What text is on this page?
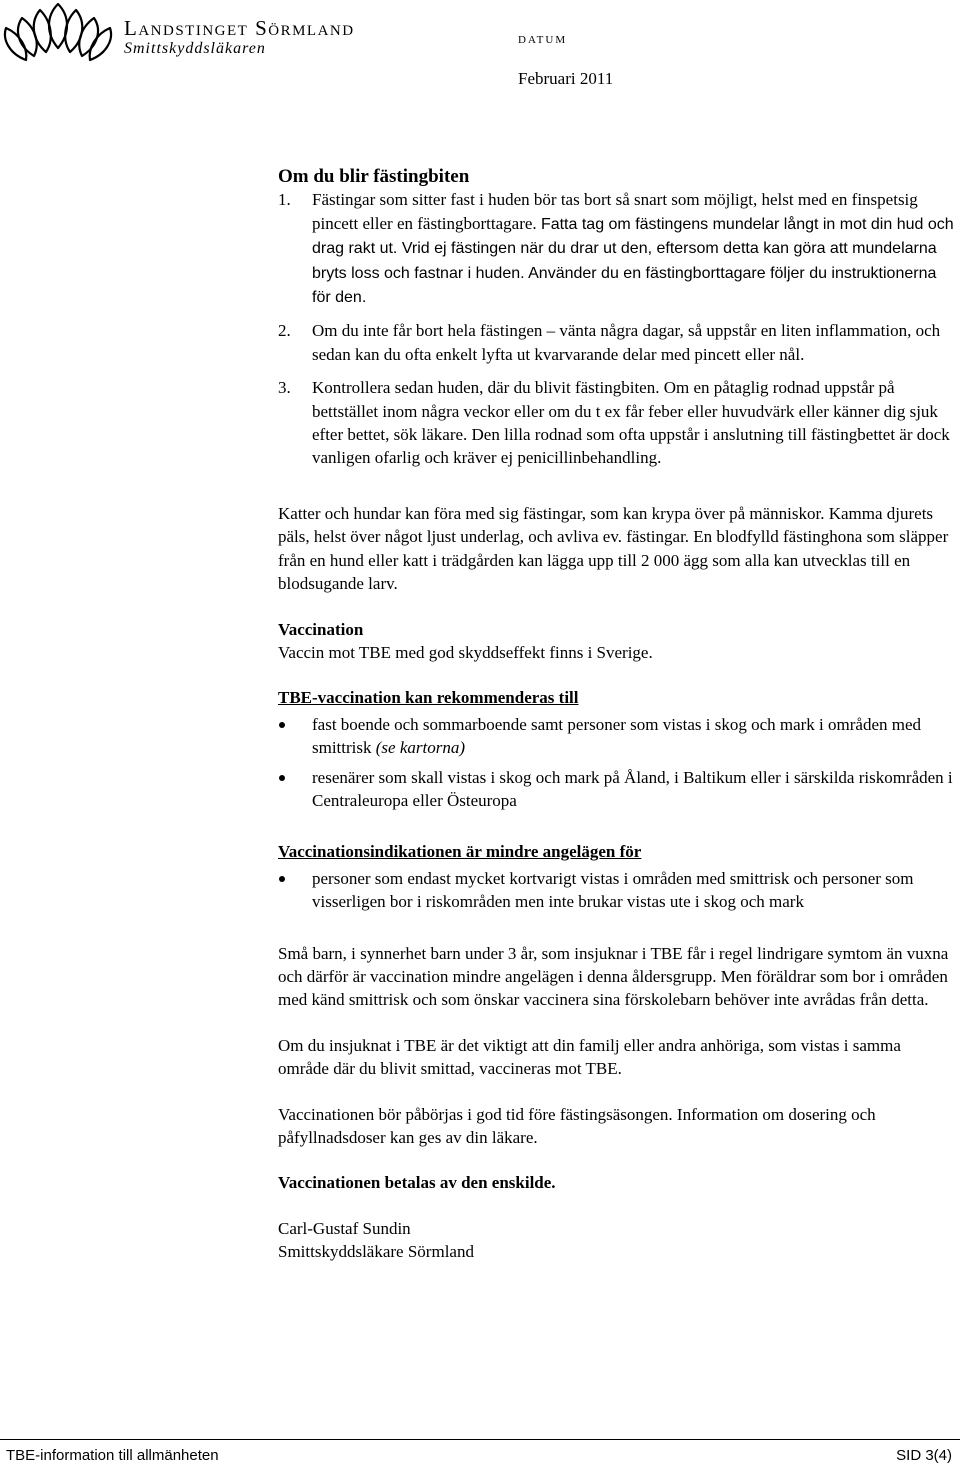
Landstinget Sörmland
Smittskyddsläkaren	DATUM
Februari 2011

Om du blir fästingbiten

1. Fästingar som sitter fast i huden bör tas bort så snart som möjligt, helst med en finspetsig pincett eller en fästingborttagare. Fatta tag om fästingens mundelar långt in mot din hud och drag rakt ut. Vrid ej fästingen när du drar ut den, eftersom detta kan göra att mundelarna bryts loss och fastnar i huden. Använder du en fästingborttagare följer du instruktionerna för den.
2. Om du inte får bort hela fästingen – vänta några dagar, så uppstår en liten inflammation, och sedan kan du ofta enkelt lyfta ut kvarvarande delar med pincett eller nål.
3. Kontrollera sedan huden, där du blivit fästingbiten. Om en påtaglig rodnad uppstår på bettstället inom några veckor eller om du t ex får feber eller huvudvärk eller känner dig sjuk efter bettet, sök läkare. Den lilla rodnad som ofta uppstår i anslutning till fästingbettet är dock vanligen ofarlig och kräver ej penicillinbehandling.

Katter och hundar kan föra med sig fästingar, som kan krypa över på människor. Kamma djurets päls, helst över något ljust underlag, och avliva ev. fästingar. En blodfylld fästinghona som släpper från en hund eller katt i trädgården kan lägga upp till 2 000 ägg som alla kan utvecklas till en blodsugande larv.

Vaccination

Vaccin mot TBE med god skyddseffekt finns i Sverige.

TBE-vaccination kan rekommenderas till

fast boende och sommarboende samt personer som vistas i skog och mark i områden med smittrisk (se kartorna)
resenärer som skall vistas i skog och mark på Åland, i Baltikum eller i särskilda riskområden i Centraleuropa eller Östeuropa

Vaccinationsindikationen är mindre angelägen för

personer som endast mycket kortvarigt vistas i områden med smittrisk och personer som visserligen bor i riskområden men inte brukar vistas ute i skog och mark

Små barn, i synnerhet barn under 3 år, som insjuknar i TBE får i regel lindrigare symtom än vuxna och därför är vaccination mindre angelägen i denna åldersgrupp. Men föräldrar som bor i områden med känd smittrisk och som önskar vaccinera sina förskolebarn behöver inte avrådas från detta.

Om du insjuknat i TBE är det viktigt att din familj eller andra anhöriga, som vistas i samma område där du blivit smittad, vaccineras mot TBE.

Vaccinationen bör påbörjas i god tid före fästingsäsongen. Information om dosering och påfyllnadsdoser kan ges av din läkare.

Vaccinationen betalas av den enskilde.

Carl-Gustaf Sundin

Smittskyddsläkare Sörmland

TBE-information till allmänheten	SID 3(4)
